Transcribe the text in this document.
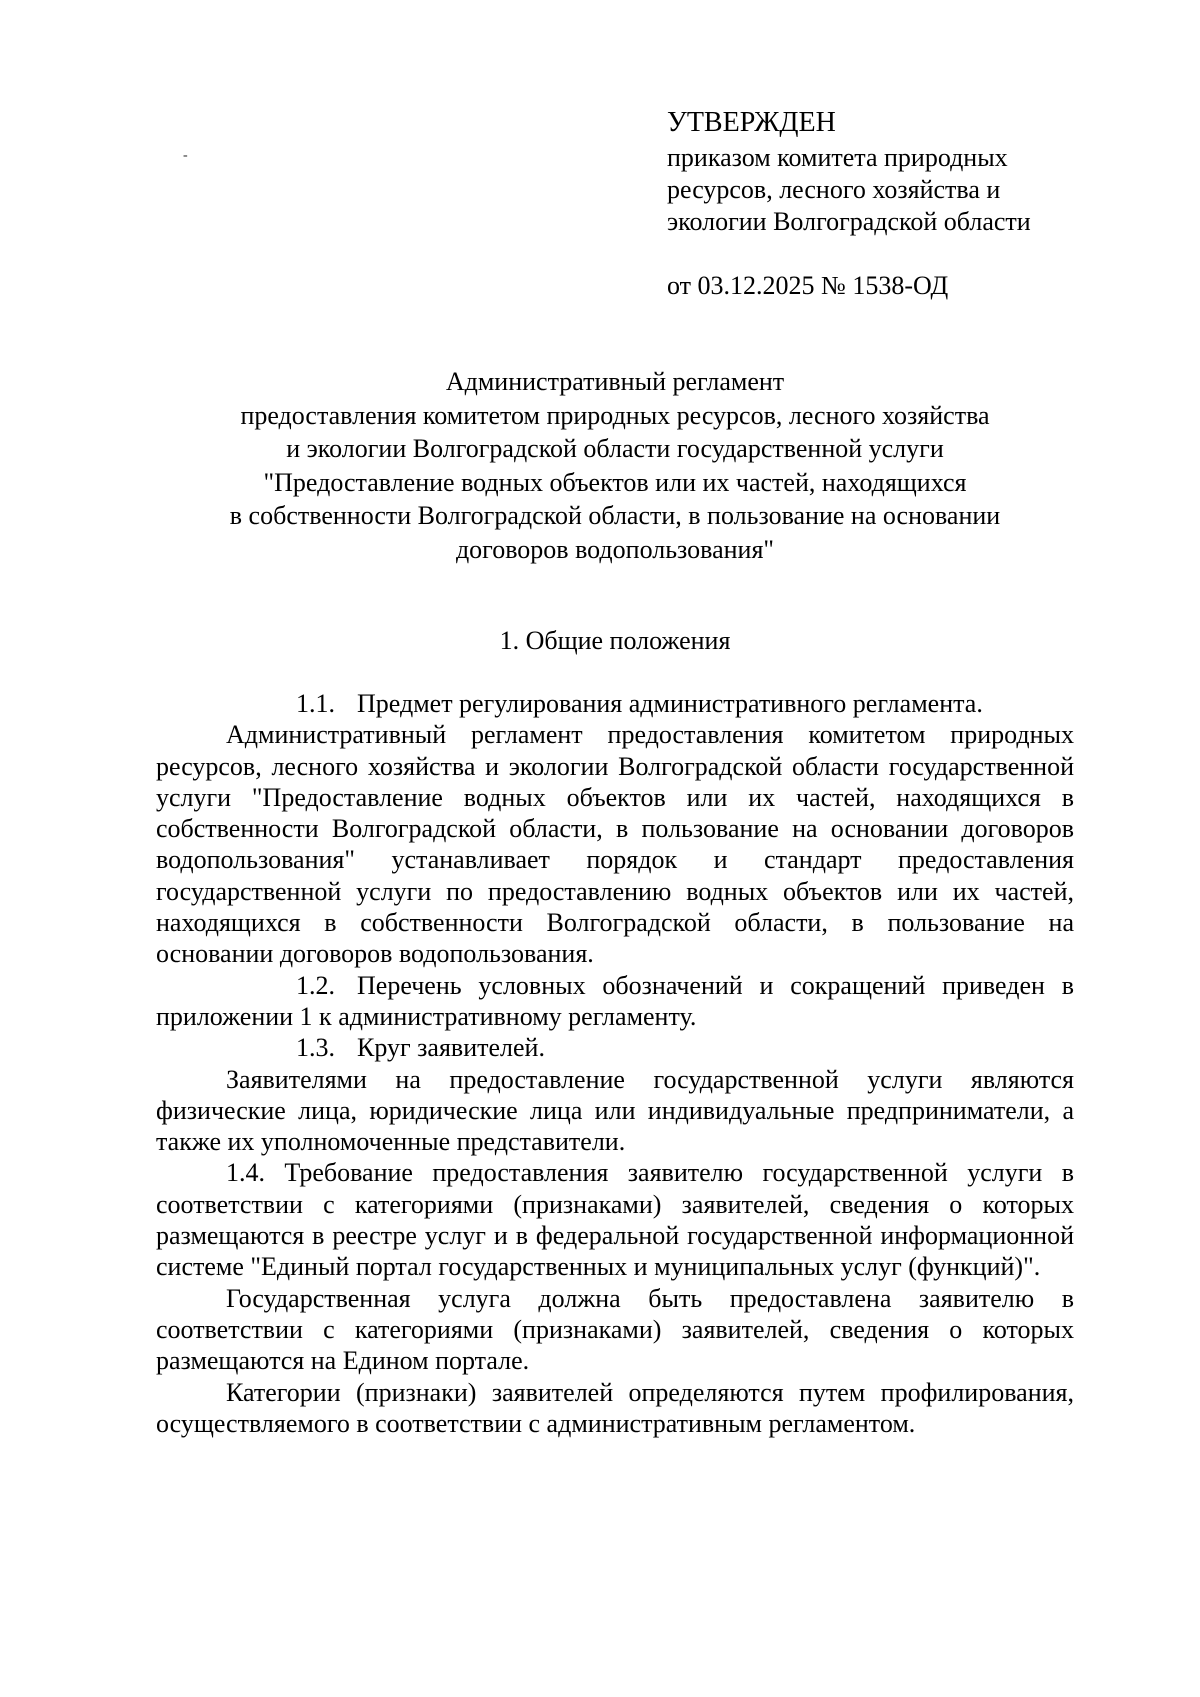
-
УТВЕРЖДЕН
приказом комитета природных
ресурсов, лесного хозяйства и
экологии Волгоградской области
от 03.12.2025 № 1538-ОД
Административный регламент
предоставления комитетом природных ресурсов, лесного хозяйства
и экологии Волгоградской области государственной услуги
"Предоставление водных объектов или их частей, находящихся
в собственности Волгоградской области, в пользование на основании
договоров водопользования"
1. Общие положения

1.1. Предмет регулирования административного регламента.

Административный регламент предоставления комитетом природных ресурсов, лесного хозяйства и экологии Волгоградской области государственной услуги "Предоставление водных объектов или их частей, находящихся в собственности Волгоградской области, в пользование на основании договоров водопользования" устанавливает порядок и стандарт предоставления государственной услуги по предоставлению водных объектов или их частей, находящихся в собственности Волгоградской области, в пользование на основании договоров водопользования.

1.2. Перечень условных обозначений и сокращений приведен в приложении 1 к административному регламенту.

1.3. Круг заявителей.

Заявителями на предоставление государственной услуги являются физические лица, юридические лица или индивидуальные предприниматели, а также их уполномоченные представители.

1.4. Требование предоставления заявителю государственной услуги в соответствии с категориями (признаками) заявителей, сведения о которых размещаются в реестре услуг и в федеральной государственной информационной системе "Единый портал государственных и муниципальных услуг (функций)".

Государственная услуга должна быть предоставлена заявителю в соответствии с категориями (признаками) заявителей, сведения о которых размещаются на Едином портале.

Категории (признаки) заявителей определяются путем профилирования, осуществляемого в соответствии с административным регламентом.
